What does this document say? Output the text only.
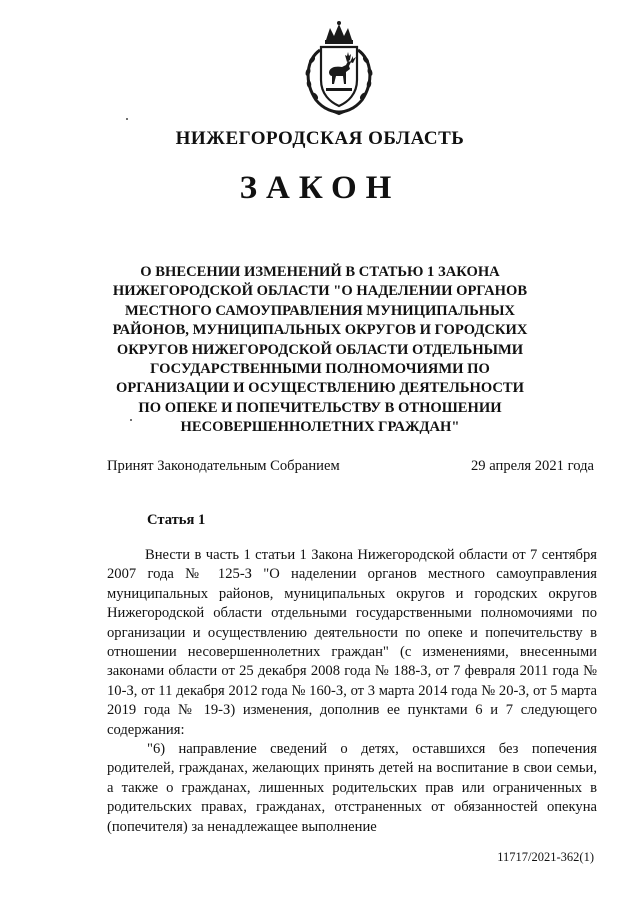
НИЖЕГОРОДСКАЯ ОБЛАСТЬ
ЗАКОН
О ВНЕСЕНИИ ИЗМЕНЕНИЙ В СТАТЬЮ 1 ЗАКОНА НИЖЕГОРОДСКОЙ ОБЛАСТИ "О НАДЕЛЕНИИ ОРГАНОВ МЕСТНОГО САМОУПРАВЛЕНИЯ МУНИЦИПАЛЬНЫХ РАЙОНОВ, МУНИЦИПАЛЬНЫХ ОКРУГОВ И ГОРОДСКИХ ОКРУГОВ НИЖЕГОРОДСКОЙ ОБЛАСТИ ОТДЕЛЬНЫМИ ГОСУДАРСТВЕННЫМИ ПОЛНОМОЧИЯМИ ПО ОРГАНИЗАЦИИ И ОСУЩЕСТВЛЕНИЮ ДЕЯТЕЛЬНОСТИ ПО ОПЕКЕ И ПОПЕЧИТЕЛЬСТВУ В ОТНОШЕНИИ НЕСОВЕРШЕННОЛЕТНИХ ГРАЖДАН"
Принят Законодательным Собранием	29 апреля 2021 года
Статья 1

Внести в часть 1 статьи 1 Закона Нижегородской области от 7 сентября 2007 года № 125-З "О наделении органов местного самоуправления муниципальных районов, муниципальных округов и городских округов Нижегородской области отдельными государственными полномочиями по организации и осуществлению деятельности по опеке и попечительству в отношении несовершеннолетних граждан" (с изменениями, внесенными законами области от 25 декабря 2008 года № 188-З, от 7 февраля 2011 года № 10-З, от 11 декабря 2012 года № 160-З, от 3 марта 2014 года № 20-З, от 5 марта 2019 года № 19-З) изменения, дополнив ее пунктами 6 и 7 следующего содержания:

"6) направление сведений о детях, оставшихся без попечения родителей, гражданах, желающих принять детей на воспитание в свои семьи, а также о гражданах, лишенных родительских прав или ограниченных в родительских правах, гражданах, отстраненных от обязанностей опекуна (попечителя) за ненадлежащее выполнение

11717/2021-362(1)
